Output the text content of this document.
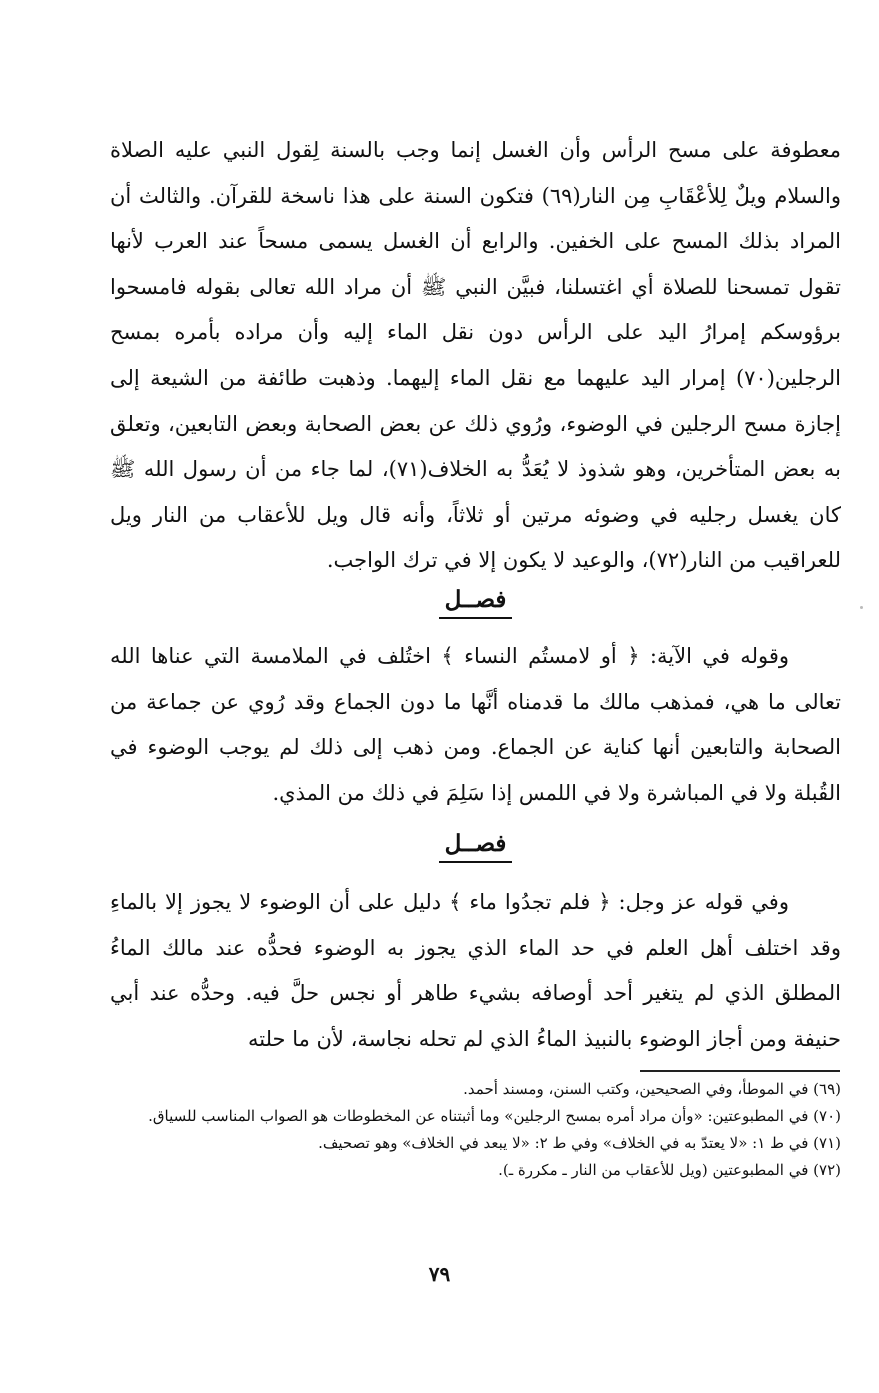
معطوفة على مسح الرأس وأن الغسل إنما وجب بالسنة لِقول النبي عليه الصلاة والسلام ويلٌ لِلأعْقَابِ مِن النار(٦٩) فتكون السنة على هذا ناسخة للقرآن. والثالث أن المراد بذلك المسح على الخفين. والرابع أن الغسل يسمى مسحاً عند العرب لأنها تقول تمسحنا للصلاة أي اغتسلنا، فبيَّن النبي ﷺ أن مراد الله تعالى بقوله فامسحوا برؤوسكم إمرارُ اليد على الرأس دون نقل الماء إليه وأن مراده بأمره بمسح الرجلين(٧٠) إمرار اليد عليهما مع نقل الماء إليهما. وذهبت طائفة من الشيعة إلى إجازة مسح الرجلين في الوضوء، ورُوي ذلك عن بعض الصحابة وبعض التابعين، وتعلق به بعض المتأخرين، وهو شذوذ لا يُعَدُّ به الخلاف(٧١)، لما جاء من أن رسول الله ﷺ كان يغسل رجليه في وضوئه مرتين أو ثلاثاً، وأنه قال ويل للأعقاب من النار ويل للعراقيب من النار(٧٢)، والوعيد لا يكون إلا في ترك الواجب.

فصــل

وقوله في الآية: ﴿ أو لامستُم النساء ﴾ اختُلف في الملامسة التي عناها الله تعالى ما هي، فمذهب مالك ما قدمناه أنَّها ما دون الجماع وقد رُوي عن جماعة من الصحابة والتابعين أنها كناية عن الجماع. ومن ذهب إلى ذلك لم يوجب الوضوء في القُبلة ولا في المباشرة ولا في اللمس إذا سَلِمَ في ذلك من المذي.

فصــل

وفي قوله عز وجل: ﴿ فلم تجدُوا ماء ﴾ دليل على أن الوضوء لا يجوز إلا بالماءِ وقد اختلف أهل العلم في حد الماء الذي يجوز به الوضوء فحدُّه عند مالك الماءُ المطلق الذي لم يتغير أحد أوصافه بشيء طاهر أو نجس حلَّ فيه. وحدُّه عند أبي حنيفة ومن أجاز الوضوء بالنبيذ الماءُ الذي لم تحله نجاسة، لأن ما حلته

(٦٩) في الموطأ، وفي الصحيحين، وكتب السنن، ومسند أحمد.

(٧٠) في المطبوعتين: «وأن مراد أمره بمسح الرجلين» وما أثبتناه عن المخطوطات هو الصواب المناسب للسياق.

(٧١) في ط ١: «لا يعتدّ به في الخلاف» وفي ط ٢: «لا يبعد في الخلاف» وهو تصحيف.

(٧٢) في المطبوعتين (ويل للأعقاب من النار ـ مكررة ـ).

٧٩
